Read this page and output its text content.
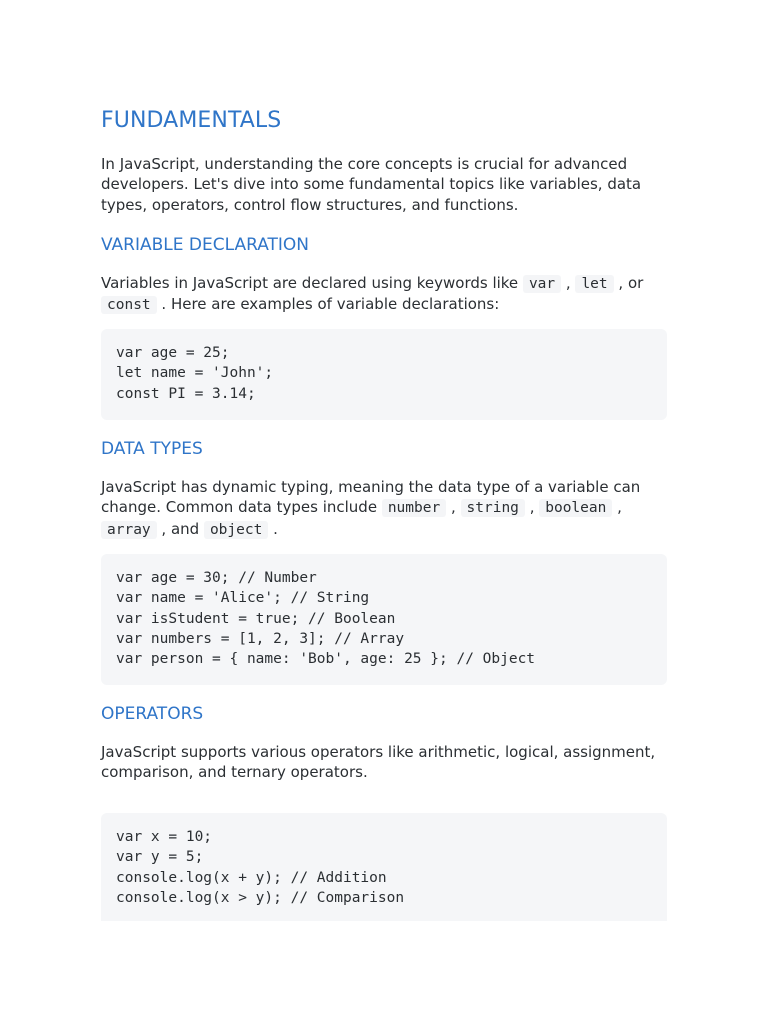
FUNDAMENTALS

In JavaScript, understanding the core concepts is crucial for advanced developers. Let's dive into some fundamental topics like variables, data types, operators, control flow structures, and functions.

VARIABLE DECLARATION

Variables in JavaScript are declared using keywords like var , let , or const . Here are examples of variable declarations:

var age = 25;
let name = 'John';
const PI = 3.14;
DATA TYPES

JavaScript has dynamic typing, meaning the data type of a variable can change. Common data types include number , string , boolean , array , and object .

var age = 30; // Number
var name = 'Alice'; // String
var isStudent = true; // Boolean
var numbers = [1, 2, 3]; // Array
var person = { name: 'Bob', age: 25 }; // Object
OPERATORS

JavaScript supports various operators like arithmetic, logical, assignment, comparison, and ternary operators.

var x = 10;
var y = 5;
console.log(x + y); // Addition
console.log(x > y); // Comparison
